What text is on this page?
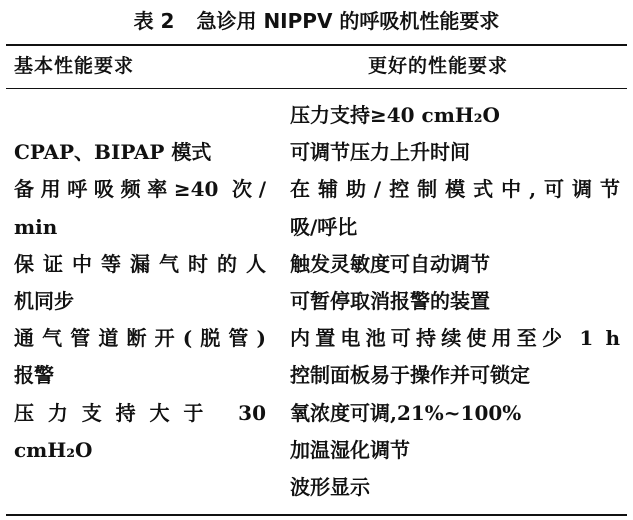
表 2 急诊用 NIPPV 的呼吸机性能要求
基本性能要求	更好的性能要求
CPAP、BIPAP 模式
备用呼吸频率≥40 次/
min
保证中等漏气时的人
机同步
通气管道断开(脱管)
报警
压力支持大于 30
cmH₂O
压力支持≥40 cmH₂O
可调节压力上升时间
在辅助/控制模式中,可调节
吸/呼比
触发灵敏度可自动调节
可暂停取消报警的装置
内置电池可持续使用至少 1 h
控制面板易于操作并可锁定
氧浓度可调,21%~100%
加温湿化调节
波形显示
